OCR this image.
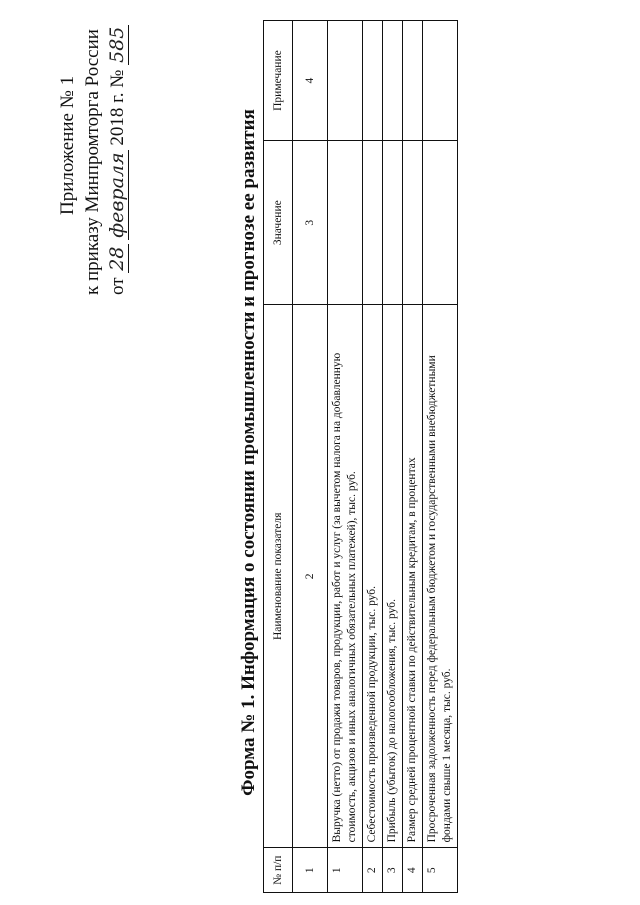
Приложение № 1 к приказу Минпромторга России от 28 февраля 2018 г. № 585
Форма № 1. Информация о состоянии промышленности и прогнозе ее развития
№ п/п	Наименование показателя	Значение	Примечание
1	2	3	4
1	Выручка (нетто) от продажи товаров, продукции, работ и услуг (за вычетом налога на добавленную стоимость, акцизов и иных аналогичных обязательных платежей), тыс. руб.		
2	Себестоимость произведенной продукции, тыс. руб.		
3	Прибыль (убыток) до налогообложения, тыс. руб.		
4	Размер средней процентной ставки по действительным кредитам, в процентах		
5	Просроченная задолженность перед федеральным бюджетом и государственными внебюджетными фондами свыше 1 месяца, тыс. руб.		
